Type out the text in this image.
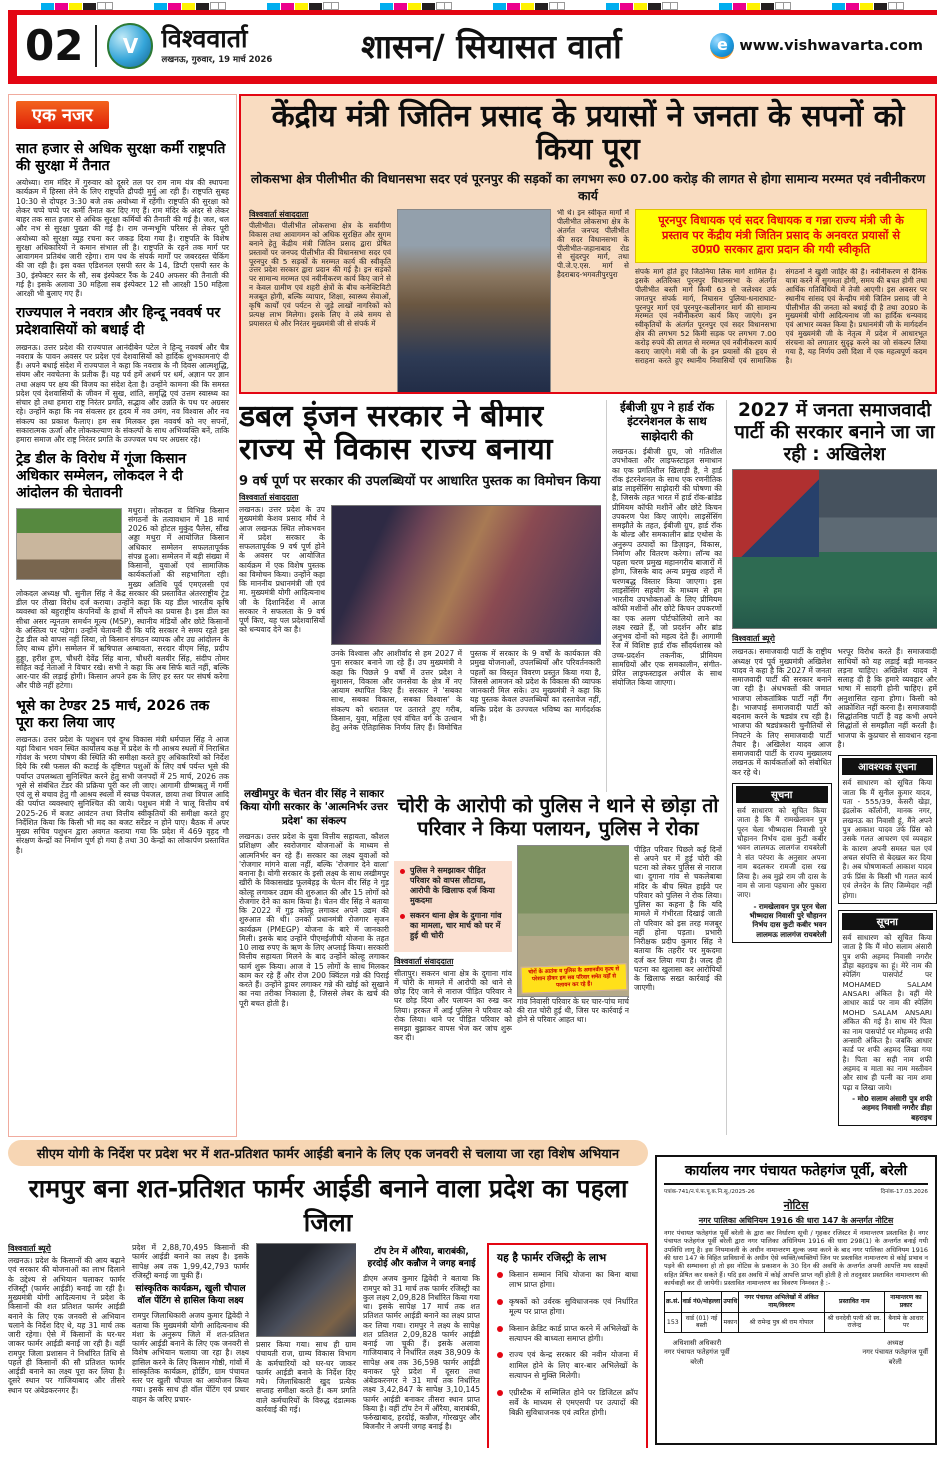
02	V विश्ववार्ता
लखनऊ, गुरुवार, 19 मार्च 2026	शासन/ सियासत वार्ता	e www.vishwavarta.com
एक नजर
सात हजार से अधिक सुरक्षा कर्मी राष्ट्रपति की सुरक्षा में तैनात
अयोध्या। राम मंदिर में गुरुवार को दूसरे तल पर राम नाम यंत्र की स्थापना कार्यक्रम में हिस्सा लेने के लिए राष्ट्रपति द्रौपदी मुर्मु आ रही हैं। राष्ट्रपति सुबह 10:30 से दोपहर 3:30 बजे तक अयोध्या में रहेंगी। राष्ट्रपति की सुरक्षा को लेकर चप्पे चप्पे पर कर्मी तैनात कर दिए गए हैं। राम मंदिर के अंदर से लेकर बाहर तक सात हजार से अधिक सुरक्षा कर्मियों की तैनाती की गई है। जल, थल और नभ से सुरक्षा पुख्ता की गई है। राम जन्मभूमि परिसर से लेकर पूरी अयोध्या को सुरक्षा व्यूह रचना कर जकड़ दिया गया है। राष्ट्रपति के विशेष सुरक्षा अधिकारियों ने कमान संभाल ली है। राष्ट्रपति के रहने तक मार्ग पर आवागमन प्रतिबंध जारी रहेगा। राम पथ के संपर्क मार्गों पर जबरदस्त चेकिंग की जा रही है। इस वक्त एडिशनल एसपी स्तर के 14, डिप्टी एसपी स्तर के 30, इंस्पेक्टर स्तर के सौ, सब इंस्पेक्टर रैंक के 240 अफसर की तैनाती की गई है। इसके अलावा 30 महिला सब इंस्पेक्टर 12 सौ आरक्षी 150 महिला आरक्षी भी बुलाए गए हैं।
राज्यपाल ने नवरात्र और हिन्दू नववर्ष पर प्रदेशवासियों को बधाई दी
लखनऊ। उत्तर प्रदेश की राज्यपाल आनंदीबेन पटेल ने हिन्दू नववर्ष और चैत्र नवरात्र के पावन अवसर पर प्रदेश एवं देशवासियों को हार्दिक शुभकामनाएं दी हैं। अपने बधाई संदेश में राज्यपाल ने कहा कि नवरात्र के नौ दिवस आत्मशुद्धि, संयम और नवचेतना के प्रतीक हैं। यह पर्व हमें अधर्म पर धर्म, अज्ञान पर ज्ञान तथा अक्षय पर क्षय की विजय का संदेश देता है। उन्होंने कामना की कि समस्त प्रदेश एवं देशवासियों के जीवन में सुख, शांति, समृद्धि एवं उत्तम स्वास्थ्य का संचार हो तथा हमारा राष्ट्र निरंतर प्रगति, सद्भाव और उन्नति के पथ पर अग्रसर रहे। उन्होंने कहा कि नव संवत्सर हर हृदय में नव उमंग, नव विश्वास और नव संकल्प का प्रकाश फैलाए। हम सब मिलकर इस नववर्ष को नए सपनों, सकारात्मक ऊर्जा और लोककल्याण के संकल्पों के साथ अभिव्यक्ति बनें, ताकि हमारा समाज और राष्ट्र निरंतर प्रगति के उज्ज्वल पथ पर अग्रसर रहे।
ट्रेड डील के विरोध में गूंजा किसान अधिकार सम्मेलन, लोकदल ने दी आंदोलन की चेतावनी
मथुरा। लोकदल व विभिन्न किसान संगठनों के तत्वावधान में 18 मार्च 2026 को होटल मुकुंद पैलेस, सौंख अड्डा मथुरा में आयोजित किसान अधिकार सम्मेलन सफलतापूर्वक संपन्न हुआ। सम्मेलन में बड़ी संख्या में किसानों, युवाओं एवं सामाजिक कार्यकर्ताओं की सहभागिता रही। मुख्य अतिथि पूर्व एमएलसी एवं लोकदल अध्यक्ष चौ. सुनील सिंह ने केंद्र सरकार की प्रस्तावित अंतरराष्ट्रीय ट्रेड डील पर तीखा विरोध दर्ज कराया। उन्होंने कहा कि यह डील भारतीय कृषि व्यवस्था को बहुराष्ट्रीय कंपनियों के हाथों में सौंपने का प्रयास है। इस डील का सीधा असर न्यूनतम समर्थन मूल्य (MSP), स्थानीय मंडियों और छोटे किसानों के अस्तित्व पर पड़ेगा। उन्होंने चेतावनी दी कि यदि सरकार ने समय रहते इस ट्रेड डील को वापस नहीं लिया, तो किसान संगठन व्यापक और उग्र आंदोलन के लिए बाध्य होंगे। सम्मेलन में ऋषिपाल अम्बावता, सरदार वीएम सिंह, प्रदीप हुड्डा, हरीश हूण, चौधरी देवेंद्र सिंह बाना, चौधरी बलवीर सिंह, संदीप तोमर सहित कई नेताओं ने विचार रखे। सभी ने कहा कि अब सिर्फ बातें नहीं, बल्कि आर-पार की लड़ाई होगी। किसान अपने हक के लिए हर स्तर पर संघर्ष करेगा और पीछे नहीं हटेगा।
भूसे का टेण्डर 25 मार्च, 2026 तक पूरा करा लिया जाए
लखनऊ। उत्तर प्रदेश के पशुधन एवं दुग्ध विकास मंत्री धर्मपाल सिंह ने आज यहां विधान भवन स्थित कार्यालय कक्ष में प्रदेश के गौ आश्रय स्थलों में निराश्रित गोवंश के भरण पोषण की स्थिति की समीक्षा करते हुए अधिकारियों को निर्देश दिये कि रबी फसल की कटाई के दृष्टिगत पशुओं के लिए वर्ष पर्यन्त भूसे की पर्याप्त उपलब्धता सुनिश्चित करने हेतु सभी जनपदों में 25 मार्च, 2026 तक भूसे से संबंधित टेंडर की प्रक्रिया पूरी कर ली जाए। आगामी ग्रीष्मऋतु में गर्मी एवं लू से बचाव हेतु गौ आश्रय स्थलों में स्वच्छ पेयजल, छाया तथा त्रिपाल आदि की पर्याप्त व्यवस्थाएं सुनिश्चित की जाये। पशुधन मंत्री ने चालू वित्तीय वर्ष 2025-26 में बजट आवंटन तथा वित्तीय स्वीकृतियों की समीक्षा करते हुए निर्देशित किया कि किसी भी मद का बजट सरेंडर न होने पाए। बैठक में अपर मुख्य सचिव पशुधन द्वारा अवगत कराया गया कि प्रदेश में 469 वृहद गौ संरक्षण केन्द्रों का निर्माण पूर्ण हो गया है तथा 30 केन्द्रों का लोकार्पण प्रस्तावित है।
केंद्रीय मंत्री जितिन प्रसाद के प्रयासों ने जनता के सपनों को किया पूरा
लोकसभा क्षेत्र पीलीभीत की विधानसभा सदर एवं पूरनपुर की सड़कों का लगभग रू0 07.00 करोड़ की लागत से होगा सामान्य मरम्मत एवं नवीनीकरण कार्य
विश्ववार्ता संवाददाता
पीलीभीत। पीलीभीत लोकसभा क्षेत्र के सर्वांगीण विकास तथा आवागमन को अधिक सुरक्षित और सुगम बनाने हेतु केंद्रीय मंत्री जितिन प्रसाद द्वारा प्रेषित प्रस्तावों पर जनपद पीलीभीत की विधानसभा सदर एवं पूरनपुर की 5 सड़कों के मरम्मत कार्य की स्वीकृति उत्तर प्रदेश सरकार द्वारा प्रदान की गई है। इन सड़कों पर सामान्य मरम्मत एवं नवीनीकरण कार्य किए जाने से न केवल ग्रामीण एवं शहरी क्षेत्रों के बीच कनेक्टिविटी मजबूत होगी, बल्कि व्यापार, शिक्षा, स्वास्थ्य सेवाओं, कृषि कार्यों एवं पर्यटन से जुड़े लाखों नागरिकों को प्रत्यक्ष लाभ मिलेगा। इसके लिए वे लंबे समय से प्रयासरत थे और निरंतर मुख्यमंत्री जी से संपर्क में
भी थे। इन स्वीकृत मार्गों में पीलीभीत लोकसभा क्षेत्र के अंतर्गत जनपद पीलीभीत की सदर विधानसभा के पीलीभीत-जहानाबाद रोड से सुंदरपुर मार्ग, तथा पी.जे.ए.एस. मार्ग से हैदराबाद-भगवतीपुरपुरा
पूरनपुर विधायक एवं सदर विधायक व गन्ना राज्य मंत्री जी के प्रस्ताव पर केंद्रीय मंत्री जितिन प्रसाद के अनवरत प्रयासों से उ0प्र0 सरकार द्वारा प्रदान की गयी स्वीकृति
संपर्क मार्ग होते हुए जिठनिया लिंक मार्ग शामिल है। इसके अतिरिक्त पूरनपुर विधानसभा के अंतर्गत पीलीभीत बस्ती मार्ग किमी 63 से जलेश्वर उर्फ जगतपुर संपर्क मार्ग, निघासन पुलिया-धनाराघाट-पूरनपुर मार्ग एवं पूरनपुर-कलीनगर मार्ग की सामान्य मरम्मत एवं नवीनीकरण कार्य किए जाएंगे। इन स्वीकृतियों के अंतर्गत पूरनपुर एवं सदर विधानसभा क्षेत्र की लगभग 52 किमी सड़क पर लगभग 7.00 करोड़ रुपये की लागत से मरम्मत एवं नवीनीकरण कार्य कराए जाएंगे। मंत्री जी के इन प्रयासों की हृदय से सराहना करते हुए स्थानीय निवासियों एवं सामाजिक संगठनों ने खुशी जाहिर की है। नवीनीकरण से दैनिक यात्रा करने में सुगमता होगी, समय की बचत होगी तथा आर्थिक गतिविधियों में तेजी आएगी। इस अवसर पर स्थानीय सांसद एवं केन्द्रीय मंत्री जितिन प्रसाद जी ने पीलीभीत की जनता को बधाई दी है तथा उ0प्र0 के मुख्यमंत्री योगी आदित्यनाथ जी का हार्दिक धन्यवाद एवं आभार व्यक्त किया है। प्रधानमंत्री जी के मार्गदर्शन एवं मुख्यमंत्री जी के नेतृत्व में प्रदेश में आधारभूत संरचना को लगातार सुदृढ़ करने का जो संकल्प लिया गया है, यह निर्णय उसी दिशा में एक महत्वपूर्ण कदम है।
डबल इंजन सरकार ने बीमार राज्य से विकास राज्य बनाया
9 वर्ष पूर्ण पर सरकार की उपलब्धियों पर आधारित पुस्तक का विमोचन किया
विश्ववार्ता संवाददाता
लखनऊ। उत्तर प्रदेश के उप मुख्यमंत्री केशव प्रसाद मौर्य ने आज लखनऊ स्थित लोकभवन में प्रदेश सरकार के सफलतापूर्वक 9 वर्ष पूर्ण होने के अवसर पर आयोजित कार्यक्रम में एक विशेष पुस्तक का विमोचन किया। उन्होंने कहा कि माननीय प्रधानमंत्री जी एवं मा. मुख्यमंत्री योगी आदित्यनाथ जी के दिशानिर्देश में आज सरकार ने सफलता के 9 वर्ष पूर्ण किए, यह पल प्रदेशवासियों को धन्यवाद देने का है।
उनके विश्वास और आशीर्वाद से हम 2027 में पुनः सरकार बनाने जा रहे हैं। उप मुख्यमंत्री ने कहा कि पिछले 9 वर्षों में उत्तर प्रदेश ने सुशासन, विकास और जनसेवा के क्षेत्र में नए आयाम स्थापित किए हैं। सरकार ने 'सबका साथ, सबका विकास, सबका विश्वास' के संकल्प को धरातल पर उतारते हुए गरीब, किसान, युवा, महिला एवं वंचित वर्ग के उत्थान हेतु अनेक ऐतिहासिक निर्णय लिए हैं। विमोचित पुस्तक में सरकार के 9 वर्षों के कार्यकाल की प्रमुख योजनाओं, उपलब्धियों और परिवर्तनकारी पहलों का विस्तृत विवरण प्रस्तुत किया गया है, जिससे आमजन को प्रदेश के विकास की व्यापक जानकारी मिल सके। उप मुख्यमंत्री ने कहा कि यह पुस्तक केवल उपलब्धियों का दस्तावेज नहीं, बल्कि प्रदेश के उज्ज्वल भविष्य का मार्गदर्शक भी है।
लखीमपुर के चेतन वीर सिंह ने साकार किया योगी सरकार के 'आत्मनिर्भर उत्तर प्रदेश' का संकल्प
लखनऊ। उत्तर प्रदेश के युवा वित्तीय सहायता, कौशल प्रशिक्षण और स्वरोजगार योजनाओं के माध्यम से आत्मनिर्भर बन रहे हैं। सरकार का लक्ष्य युवाओं को 'रोजगार मांगने वाला नहीं, बल्कि 'रोजगार देने वाला' बनाना है। योगी सरकार के इसी लक्ष्य के साथ लखीमपुर खीरी के विकासखंड फूलबेहड़ के चेतन वीर सिंह ने गुड़ कोल्हू लगाकर उद्यम की शुरुआत की और 15 लोगों को रोजगार देने का काम किया है। चेतन वीर सिंह ने बताया कि 2022 में गुड़ कोल्हू लगाकर अपने उद्यम की शुरुआत की थी। उनको प्रधानमंत्री रोजगार सृजन कार्यक्रम (PMEGP) योजना के बारे में जानकारी मिली। इसके बाद उन्होंने पीएमईजीपी योजना के तहत 10 लाख रुपए के ऋण के लिए अप्लाई किया। सरकारी वित्तीय सहायता मिलने के बाद उन्होंने कोल्हू लगाकर फार्म शुरू किया। आज वे 15 लोगों के साथ मिलकर काम कर रहे हैं और रोज 200 क्विंटल गन्ने की पिराई करते हैं। उन्होंने ड्रायर लगाकर गन्ने की खोई को सुखाने का नया तरीका निकाला है, जिससे लेबर के खर्च की पूरी बचत होती है।
चोरी के आरोपी को पुलिस ने थाने से छोड़ा तो परिवार ने किया पलायन, पुलिस ने रोका
पुलिस ने समझाकर पीड़ित परिवार को वापस लौटाया, आरोपी के खिलाफ दर्ज किया मुकदमा
सकरन थाना क्षेत्र के दुगाना गांव का मामला, चार मार्च को घर में हुई थी चोरी
विश्ववार्ता संवाददाता
सीतापुर। सकरन थाना क्षेत्र के दुगाना गांव में चोरी के मामले में आरोपी को थाने से छोड़ दिए जाने से नाराज पीड़ित परिवार ने घर छोड़ दिया और पलायन का रुख कर लिया। हरकत में आई पुलिस ने परिवार को रोक लिया। थाने पर पीड़ित परिवार को समझा बुझाकर वापस भेज कर जांच शुरू कर दी।
चोरों के आतंक व पुलिस के अमानवीय कृत्य से परेशान होकर हम सब परिवार समेत यहाँ से पलायन कर रहे हैं।
गांव निवासी परिवार के घर चार-पांच मार्च की रात चोरी हुई थी, जिस पर कार्रवाई न होने से परिवार आहत था।
पीड़ित परिवार पिछले कई दिनों से अपने घर में हुई चोरी की घटना को लेकर पुलिस से नाराज था। दुगाना गांव से चकलेबाबा मंदिर के बीच स्थित हाईवे पर परिवार को पुलिस ने रोक लिया। पुलिस का कहना है कि यदि मामले में गंभीरता दिखाई जाती तो परिवार को इस तरह मजबूर नहीं होना पड़ता। प्रभारी निरीक्षक प्रदीप कुमार सिंह ने बताया कि तहरीर पर मुकदमा दर्ज कर लिया गया है। जल्द ही घटना का खुलासा कर आरोपियों के खिलाफ सख्त कार्रवाई की जाएगी।
ईबीजी ग्रुप ने हार्ड रॉक इंटरनेशनल के साथ साझेदारी की
लखनऊ। ईबीजी ग्रुप, जो गतिशील उपभोक्ता और लाइफस्टाइल समाधान का एक प्रगतिशील खिलाड़ी है, ने हार्ड रॉक इंटरनेशनल के साथ एक रणनीतिक ब्रांड लाइसेंसिंग साझेदारी की घोषणा की है, जिसके तहत भारत में हार्ड रॉक-ब्रांडेड प्रीमियम कॉफी मशीनें और छोटे किचन उपकरण पेश किए जाएंगे। लाइसेंसिंग समझौते के तहत, ईबीजी ग्रुप, हार्ड रॉक के बोल्ड और समकालीन ब्रांड एथोस के अनुरूप उत्पादों का डिज़ाइन, विकास, निर्माण और वितरण करेगा। लॉन्च का पहला चरण प्रमुख महानगरीय बाजारों में होगा, जिसके बाद अन्य प्रमुख शहरों में चरणबद्ध विस्तार किया जाएगा। इस लाइसेंसिंग सहयोग के माध्यम से हम भारतीय उपभोक्ताओं के लिए प्रीमियम कॉफी मशीनों और छोटे किचन उपकरणों का एक अलग पोर्टफोलियो लाने का लक्ष्य रखते हैं, जो प्रदर्शन और ब्रांड अनुभव दोनों को महत्व देते हैं। आगामी रेंज में विशिष्ट हार्ड रॉक सौंदर्यशास्त्र को उच्च-प्रदर्शन तकनीक, प्रीमियम सामग्रियों और एक समकालीन, संगीत-प्रेरित लाइफस्टाइल अपील के साथ संयोजित किया जाएगा।
2027 में जनता समाजवादी पार्टी की सरकार बनाने जा जा रही : अखिलेश
विश्ववार्ता ब्यूरो
लखनऊ। समाजवादी पार्टी के राष्ट्रीय अध्यक्ष एवं पूर्व मुख्यमंत्री अखिलेश यादव ने कहा है कि 2027 में जनता समाजवादी पार्टी की सरकार बनाने जा रही है। अंधभक्तों की जमात भाजपा लोकतांत्रिक पार्टी नहीं गैंग है। भाजपाई समाजवादी पार्टी को बदनाम करने के षड्यंत्र रच रही है। भाजपा की षड्यंत्रकारी चुनौतियों से निपटने के लिए समाजवादी पार्टी तैयार है। अखिलेश यादव आज समाजवादी पार्टी के राज्य मुख्यालय लखनऊ में कार्यकर्ताओं को संबोधित कर रहे थे।
सूचना
सर्व साधारण को सूचित किया जाता है कि मैं रामखेलावन पुत्र पूरन चेला भीष्मदास निवासी पुरे चौहानन निर्भय दास कुटी कबीर भवन लालमऊ लालगंज रायबरेली ने संत परंपरा के अनुसार अपना नाम बदलकर रामजी दास रख लिया है। अब मुझे राम जी दास के नाम से जाना पहचाना और पुकारा जाए।
- रामखेलावन पुत्र पूरन चेला भीष्मदास निवासी पुरे चौहानन निर्भय दास कुटी कबीर भवन लालमऊ लालगंज रायबरेली
भरपूर विरोध करते हैं। समाजवादी साथियों को यह लड़ाई बड़ी मानकर लड़ना चाहिए। अखिलेश यादव ने सलाह दी है कि हमारे व्यवहार और भाषा में सादगी होनी चाहिए। हमें अनुशासित रहना होगा। किसी को आक्रोशित नहीं करना है। समाजवादी सिद्धांतनिष्ठ पार्टी है वह कभी अपने सिद्धांतों से समझौता नहीं करती है। भाजपा के कुप्रचार से सावधान रहना है।
आवश्यक सूचना
सर्व साधारण को सूचित किया जाता कि मैं सुनील कुमार यादव, पता - 555/39, केसरी खेड़ा, इंद्रलोक कॉलोनी, मानक नगर, लखनऊ का निवासी हूं, मैंने अपने पुत्र आकाश यादव उर्फ प्रिंस को उसके गलत आचरण एवं व्यवहार के कारण अपनी समस्त चल एवं अचल संपत्ति से बेदखल कर दिया है। अब घोषणाकर्ता आकाश यादव उर्फ प्रिंस के किसी भी गलत कार्य एवं लेनदेन के लिए जिम्मेदार नहीं होगा।
सूचना
सर्व साधारण को सूचित किया जाता है कि मैं मो0 सलाम अंसारी पुत्र शफी अहमद निवासी नगरौर डीहा बहराइच का हूं। मेरे नाम की स्पेलिंग पासपोर्ट पर MOHAMED SALAM ANSARI अंकित है। वहीं मेरे आधार कार्ड पर नाम की स्पेलिंग MOHD SALAM ANSARI अंकित की गई है। साथ मेरे पिता का नाम पासपोर्ट पर मोहम्मद शफी अन्सारी अंकित है। जबकि आधार कार्ड पर शफी अहमद लिखा गया है। पिता का सही नाम शफी अहमद व माता का नाम मस्तीवन और साथ ही पत्नी का नाम शमा पढ़ा व लिखा जाये।
- मो0 सलाम अंसारी पुत्र शफी अहमद निवासी नगरौर डीहा बहराइच
सीएम योगी के निर्देश पर प्रदेश भर में शत-प्रतिशत फार्मर आईडी बनाने के लिए एक जनवरी से चलाया जा रहा विशेष अभियान
रामपुर बना शत-प्रतिशत फार्मर आईडी बनाने वाला प्रदेश का पहला जिला
विश्ववार्ता ब्यूरो
लखनऊ। प्रदेश के किसानों की आय बढ़ाने एवं सरकार की योजनाओं का लाभ दिलाने के उद्देश्य से अभियान चलाकर फार्मर रजिस्ट्री (फार्मर आईडी) बनाई जा रही है। मुख्यमंत्री योगी आदित्यनाथ ने प्रदेश के किसानों की शत प्रतिशत फार्मर आईडी बनाने के लिए एक जनवरी से अभियान चलाने के निर्देश दिए थे, यह 31 मार्च तक जारी रहेगा। ऐसे में किसानों के घर-घर जाकर फार्मर आईडी बनाई जा रही है। वहीं रामपुर जिला प्रशासन ने निर्धारित तिथि से पहले ही किसानों की सौ प्रतिशत फार्मर आईडी बनाने का लक्ष्य पूरा कर लिया है। दूसरे स्थान पर गाजियाबाद और तीसरे स्थान पर अंबेडकरनगर हैं।
प्रदेश में 2,88,70,495 किसानों की फार्मर आईडी बनाने का लक्ष्य है। इसके सापेक्ष अब तक 1,99,42,793 फार्मर रजिस्ट्री बनाई जा चुकी हैं।
सांस्कृतिक कार्यक्रम, खुली चौपाल वॉल पेंटिंग से हासिल किया लक्ष्य
रामपुर जिलाधिकारी अजय कुमार द्विवेदी ने बताया कि मुख्यमंत्री योगी आदित्यनाथ की मंशा के अनुरूप जिले में शत-प्रतिशत फार्मर आईडी बनाने के लिए एक जनवरी से विशेष अभियान चलाया जा रहा है। लक्ष्य हासिल करने के लिए किसान गोष्ठी, गांवों में सांस्कृतिक कार्यक्रम, होर्डिंग, ग्राम पंचायत स्तर पर खुली चौपाल का आयोजन किया गया। इसके साथ ही वॉल पेंटिंग एवं प्रचार वाहन के जरिए प्रचार-
प्रसार किया गया। साथ ही ग्राम पंचायती राज, ग्राम्य विकास विभाग के कर्मचारियों को घर-घर जाकर फार्मर आईडी बनाने के निर्देश दिए गये। जिलाधिकारी खुद प्रत्येक सप्ताह समीक्षा करते हैं। कम प्रगति वाले कर्मचारियों के विरुद्ध दंडात्मक कार्रवाई की गई।
टॉप टेन में औरैया, बाराबंकी, हरदोई और कन्नौज ने जगह बनाई
डीएम अजय कुमार द्विवेदी ने बताया कि रामपुर को 31 मार्च तक फार्मर रजिस्ट्री का कुल लक्ष्य 2,09,828 निर्धारित किया गया था। इसके सापेक्ष 17 मार्च तक शत प्रतिशत फार्मर आईडी बनाने का लक्ष्य प्राप्त कर लिया गया। रामपुर ने लक्ष्य के सापेक्ष शत प्रतिशत 2,09,828 फार्मर आईडी बनाई जा चुकी हैं। इसके अलावा गाजियाबाद ने निर्धारित लक्ष्य 38,909 के सापेक्ष अब तक 36,598 फार्मर आईडी बनाकर पूरे प्रदेश में दूसरा तथा अंबेडकरनगर ने 31 मार्च तक निर्धारित लक्ष्य 3,42,847 के सापेक्ष 3,10,145 फार्मर आईडी बनाकर तीसरा स्थान प्राप्त किया है। वहीं टॉप टेन में औरैया, बाराबंकी, फर्रुखाबाद, हरदोई, कन्नौज, गोरखपुर और बिजनौर ने अपनी जगह बनाई है।
यह है फार्मर रजिस्ट्री के लाभ
किसान सम्मान निधि योजना का बिना बाधा लाभ प्राप्त होगा।
कृषकों को उर्वरक सुविधाजनक एवं निर्धारित मूल्य पर प्राप्त होगा।
किसान क्रेडिट कार्ड प्राप्त करने में अभिलेखों के सत्यापन की बाध्यता समाप्त होगी।
राज्य एवं केन्द्र सरकार की नवीन योजना में शामिल होने के लिए बार-बार अभिलेखों के सत्यापन से मुक्ति मिलेगी।
एग्रीस्टैक में सम्मिलित होने पर डिजिटल क्रॉप सर्वे के माध्यम से एमएसपी पर उत्पादों की बिक्री सुविधाजनक एवं त्वरित होगी।
कार्यालय नगर पंचायत फतेहगंज पूर्वी, बरेली
पत्रांक-741/न.पं.फ.पू.क.नि.सू./2025-26	दिनांक-17.03.2026
नोटिस
नगर पालिका अधिनियम 1916 की धारा 147 के अन्तर्गत नोटिस
नगर पंचायत फतेहगंज पूर्वी बरेली के द्वारा कर निर्धारण सूची / गृहकर रजिस्टर में नामान्तरण प्रस्तावित है। नगर पंचायत फतेहगंज पूर्वी बरेली द्वारा नगर पालिका अधिनियम 1916 की धारा 298(1) के अन्तर्गत बनाई गयी उपविधि लागू है। इस नियमावली के अधीन नामान्तरण शुल्क जमा करने के बाद नगर पालिका अधिनियम 1916 की धारा 147 के विहित प्राविधानों के अधीन ऐसे व्यक्ति/व्यक्तियों जिन पर प्रस्तावित नामान्तरण से कोई प्रभाव न पड़ने की सम्भावना हो तो इस नोटिस के प्रकाशन के 30 दिन की अवधि के अन्तर्गत अपनी आपत्ति मय साक्ष्यों सहित प्रेषित कर सकते हैं। यदि इस अवधि में कोई आपत्ति प्राप्त नहीं होती है तो तदनुसार प्रस्तावित नामान्तरण की कार्यवाही कर दी जायेगी। प्रस्तावित नामान्तरण का विवरण निम्नवत है :-
क्र.सं.	वार्ड नं0/मोहल्ला	उपाधि	नगर पंचायत अभिलेखों में अंकित नाम/विवरण	प्रस्तावित नाम	नामान्तरण का प्रकार
153	वार्ड (01) नई बस्ती	मकान	श्री रामेन्द्र पुत्र श्री राम गोपाल	श्री धनदेवी पत्नी श्री स्व. राजेन्द्र	बैनामे के आधार पर
अधिशासी अधिकारी
नगर पंचायत फतेहगंज पूर्वी
बरेली
अध्यक्ष
नगर पंचायत फतेहगंज पूर्वी
बरेली
